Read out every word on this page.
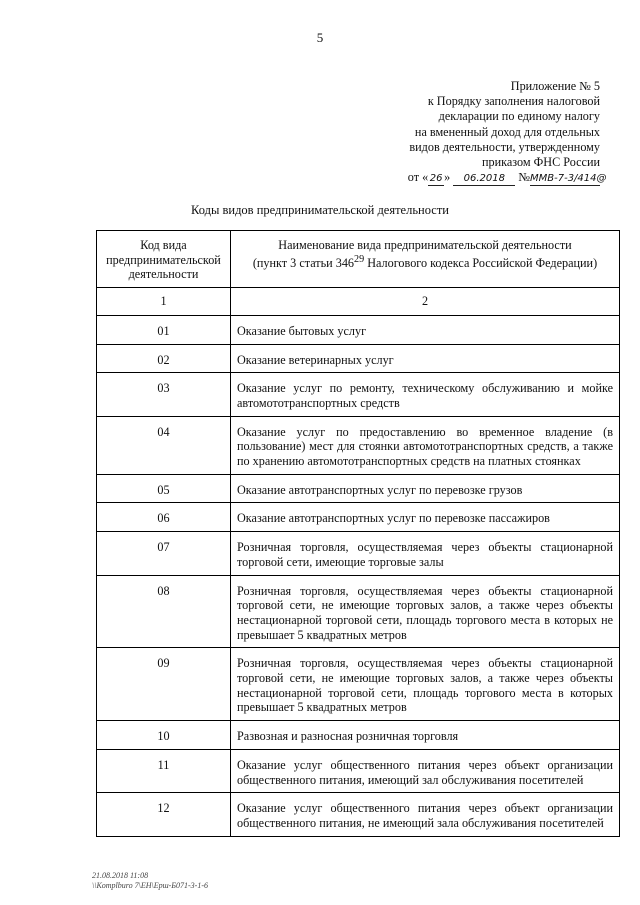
5
Приложение № 5
к Порядку заполнения налоговой
декларации по единому налогу
на вмененный доход для отдельных
видов деятельности, утвержденному
приказом ФНС России
от « 26 » 06.2018 №ММВ-7-3/414@
Коды видов предпринимательской деятельности
Код вида предпринимательской деятельности	Наименование вида предпринимательской деятельности
(пункт 3 статьи $346^{29}$ Налогового кодекса Российской Федерации)
1	2
01	Оказание бытовых услуг
02	Оказание ветеринарных услуг
03	Оказание услуг по ремонту, техническому обслуживанию и мойке автомототранспортных средств
04	Оказание услуг по предоставлению во временное владение (в пользование) мест для стоянки автомототранспортных средств, а также по хранению автомототранспортных средств на платных стоянках
05	Оказание автотранспортных услуг по перевозке грузов
06	Оказание автотранспортных услуг по перевозке пассажиров
07	Розничная торговля, осуществляемая через объекты стационарной торговой сети, имеющие торговые залы
08	Розничная торговля, осуществляемая через объекты стационарной торговой сети, не имеющие торговых залов, а также через объекты нестационарной торговой сети, площадь торгового места в которых не превышает 5 квадратных метров
09	Розничная торговля, осуществляемая через объекты стационарной торговой сети, не имеющие торговых залов, а также через объекты нестационарной торговой сети, площадь торгового места в которых превышает 5 квадратных метров
10	Развозная и разносная розничная торговля
11	Оказание услуг общественного питания через объект организации общественного питания, имеющий зал обслуживания посетителей
12	Оказание услуг общественного питания через объект организации общественного питания, не имеющий зала обслуживания посетителей
21.08.2018 11:08
\\Komplburo 7\ЕН\Ерш-Б071-3-1-6
